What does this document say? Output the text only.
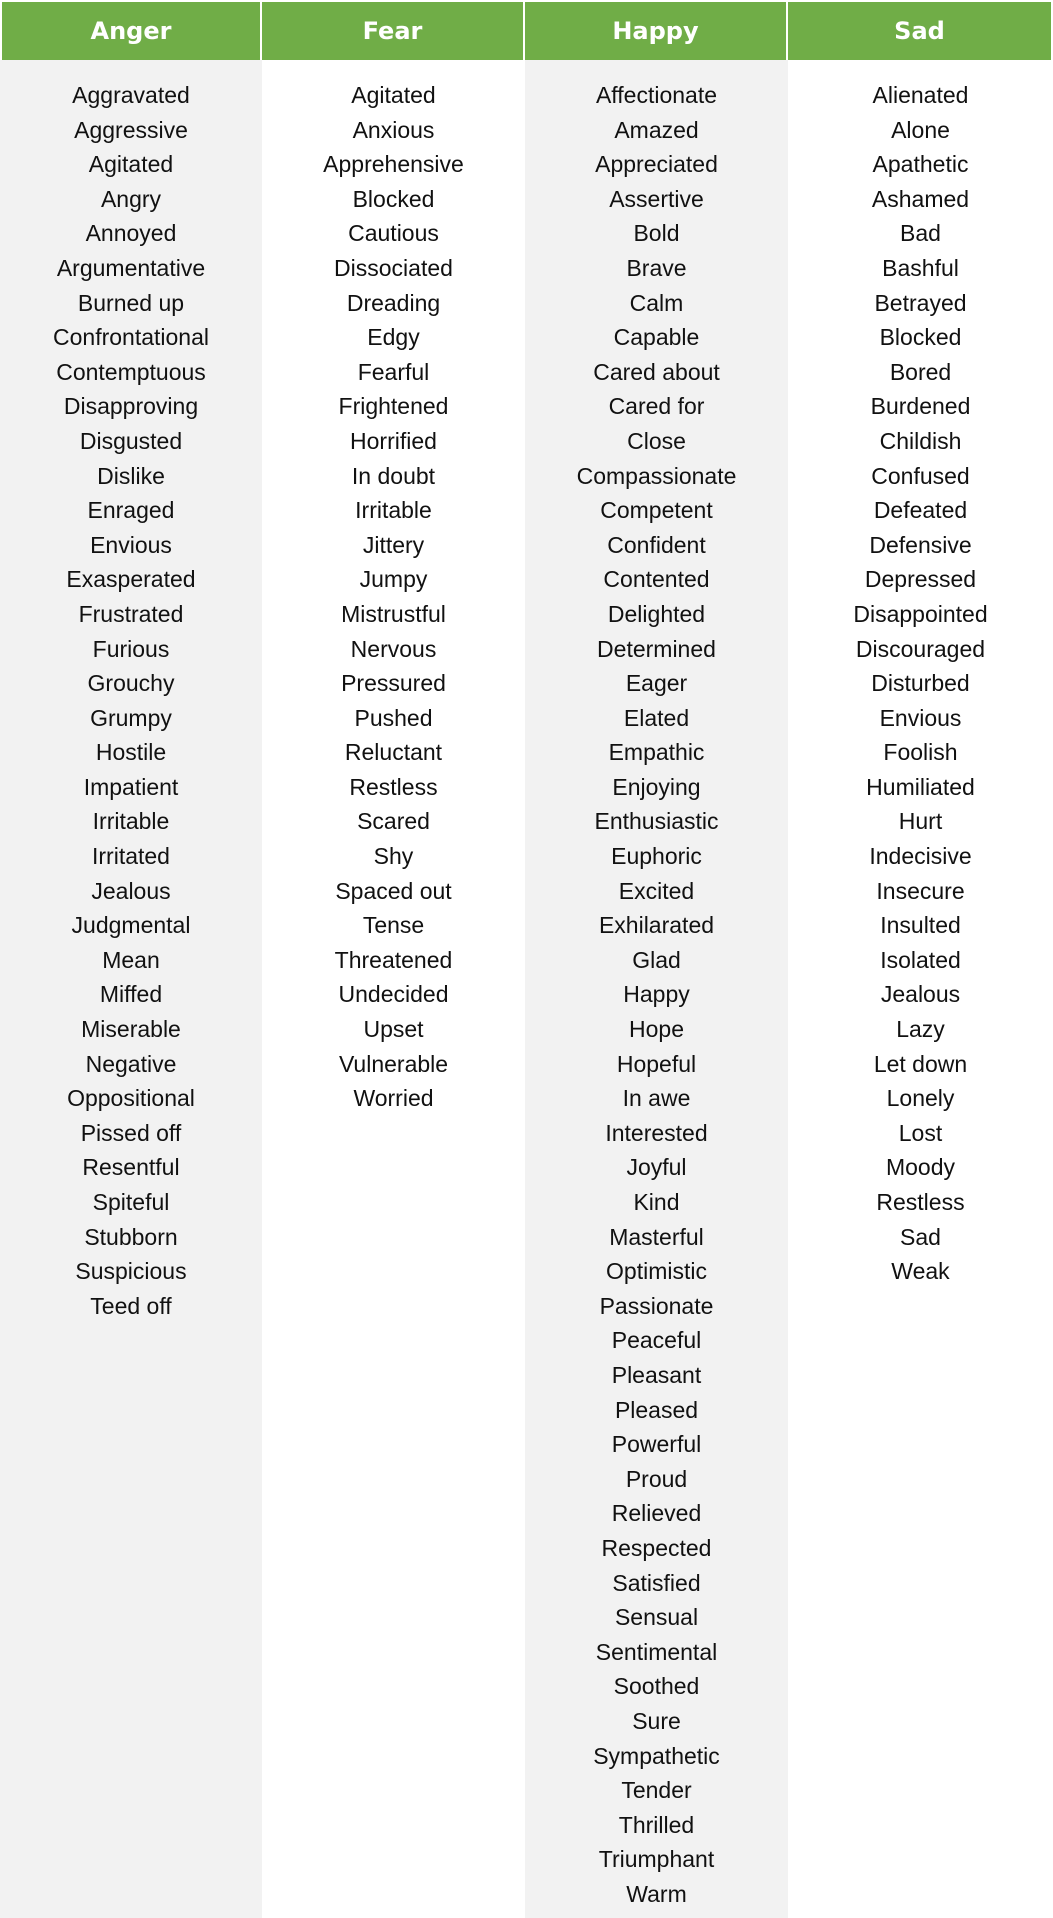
Anger
Aggravated
Aggressive
Agitated
Angry
Annoyed
Argumentative
Burned up
Confrontational
Contemptuous
Disapproving
Disgusted
Dislike
Enraged
Envious
Exasperated
Frustrated
Furious
Grouchy
Grumpy
Hostile
Impatient
Irritable
Irritated
Jealous
Judgmental
Mean
Miffed
Miserable
Negative
Oppositional
Pissed off
Resentful
Spiteful
Stubborn
Suspicious
Teed off
Fear
Agitated
Anxious
Apprehensive
Blocked
Cautious
Dissociated
Dreading
Edgy
Fearful
Frightened
Horrified
In doubt
Irritable
Jittery
Jumpy
Mistrustful
Nervous
Pressured
Pushed
Reluctant
Restless
Scared
Shy
Spaced out
Tense
Threatened
Undecided
Upset
Vulnerable
Worried
Happy
Affectionate
Amazed
Appreciated
Assertive
Bold
Brave
Calm
Capable
Cared about
Cared for
Close
Compassionate
Competent
Confident
Contented
Delighted
Determined
Eager
Elated
Empathic
Enjoying
Enthusiastic
Euphoric
Excited
Exhilarated
Glad
Happy
Hope
Hopeful
In awe
Interested
Joyful
Kind
Masterful
Optimistic
Passionate
Peaceful
Pleasant
Pleased
Powerful
Proud
Relieved
Respected
Satisfied
Sensual
Sentimental
Soothed
Sure
Sympathetic
Tender
Thrilled
Triumphant
Warm
Sad
Alienated
Alone
Apathetic
Ashamed
Bad
Bashful
Betrayed
Blocked
Bored
Burdened
Childish
Confused
Defeated
Defensive
Depressed
Disappointed
Discouraged
Disturbed
Envious
Foolish
Humiliated
Hurt
Indecisive
Insecure
Insulted
Isolated
Jealous
Lazy
Let down
Lonely
Lost
Moody
Restless
Sad
Weak
